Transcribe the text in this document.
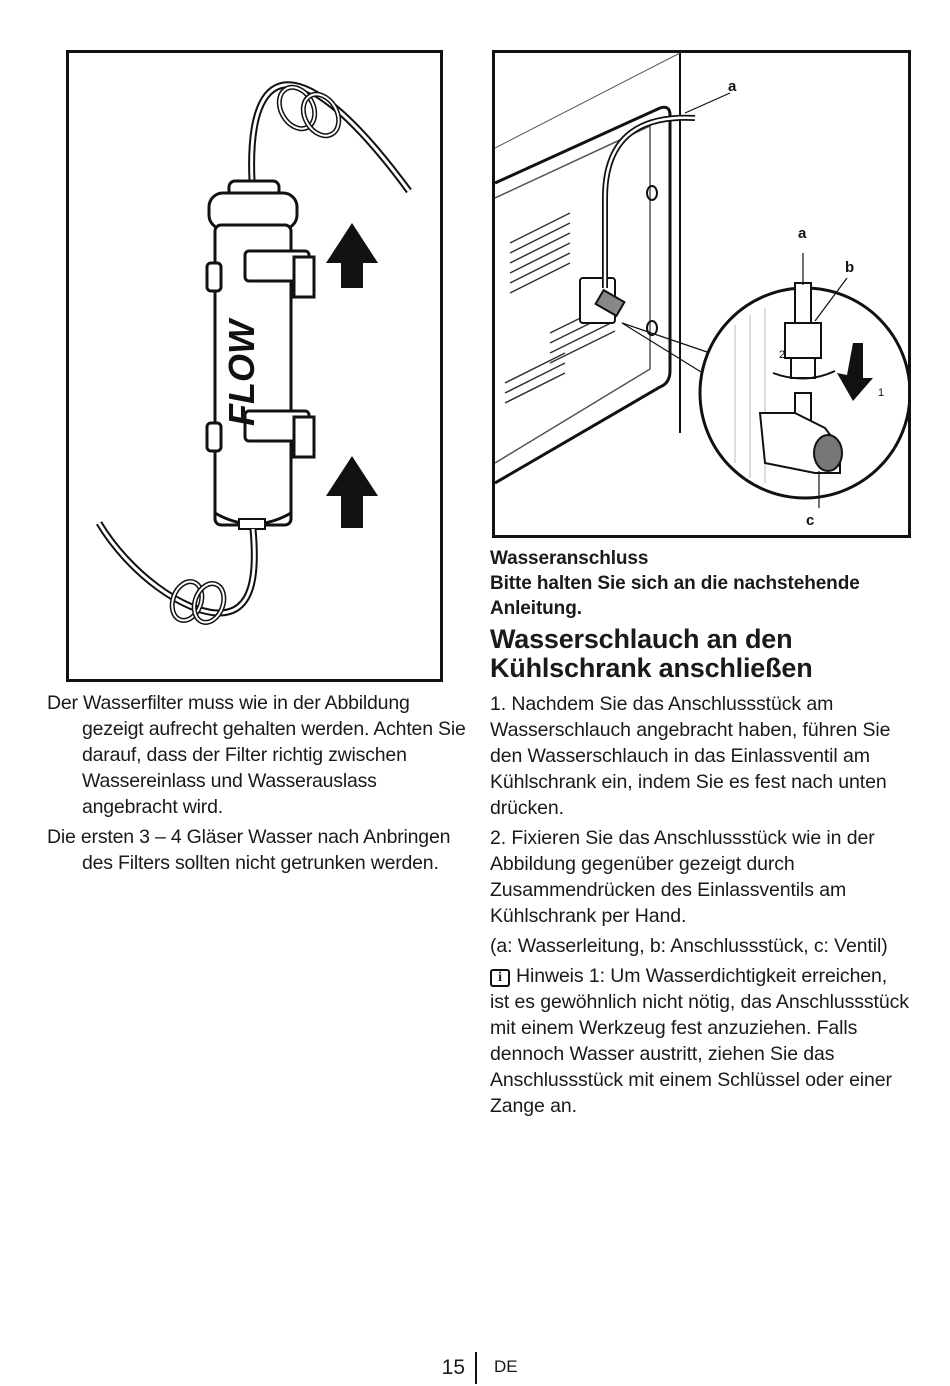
FLOW
a
1
2
a
b
c

Der Wasserfilter muss wie in der Abbildung gezeigt aufrecht gehalten werden. Achten Sie darauf, dass der Filter richtig zwischen Wassereinlass und Wasserauslass angebracht wird.

Die ersten 3 – 4 Gläser Wasser nach Anbringen des Filters sollten nicht getrunken werden.

Wasseranschluss
Bitte halten Sie sich an die nachstehende Anleitung.
Wasserschlauch an den Kühlschrank anschließen

1. Nachdem Sie das Anschlussstück am Wasserschlauch angebracht haben, führen Sie den Wasserschlauch in das Einlassventil am Kühlschrank ein, indem Sie es fest nach unten drücken.

2. Fixieren Sie das Anschlussstück wie in der Abbildung gegenüber gezeigt durch Zusammendrücken des Einlassventils am Kühlschrank per Hand.

(a: Wasserleitung, b: Anschlussstück, c: Ventil)

i Hinweis 1: Um Wasserdichtigkeit erreichen, ist es gewöhnlich nicht nötig, das Anschlussstück mit einem Werkzeug fest anzuziehen. Falls dennoch Wasser austritt, ziehen Sie das Anschlussstück mit einem Schlüssel oder einer Zange an.

15 DE
